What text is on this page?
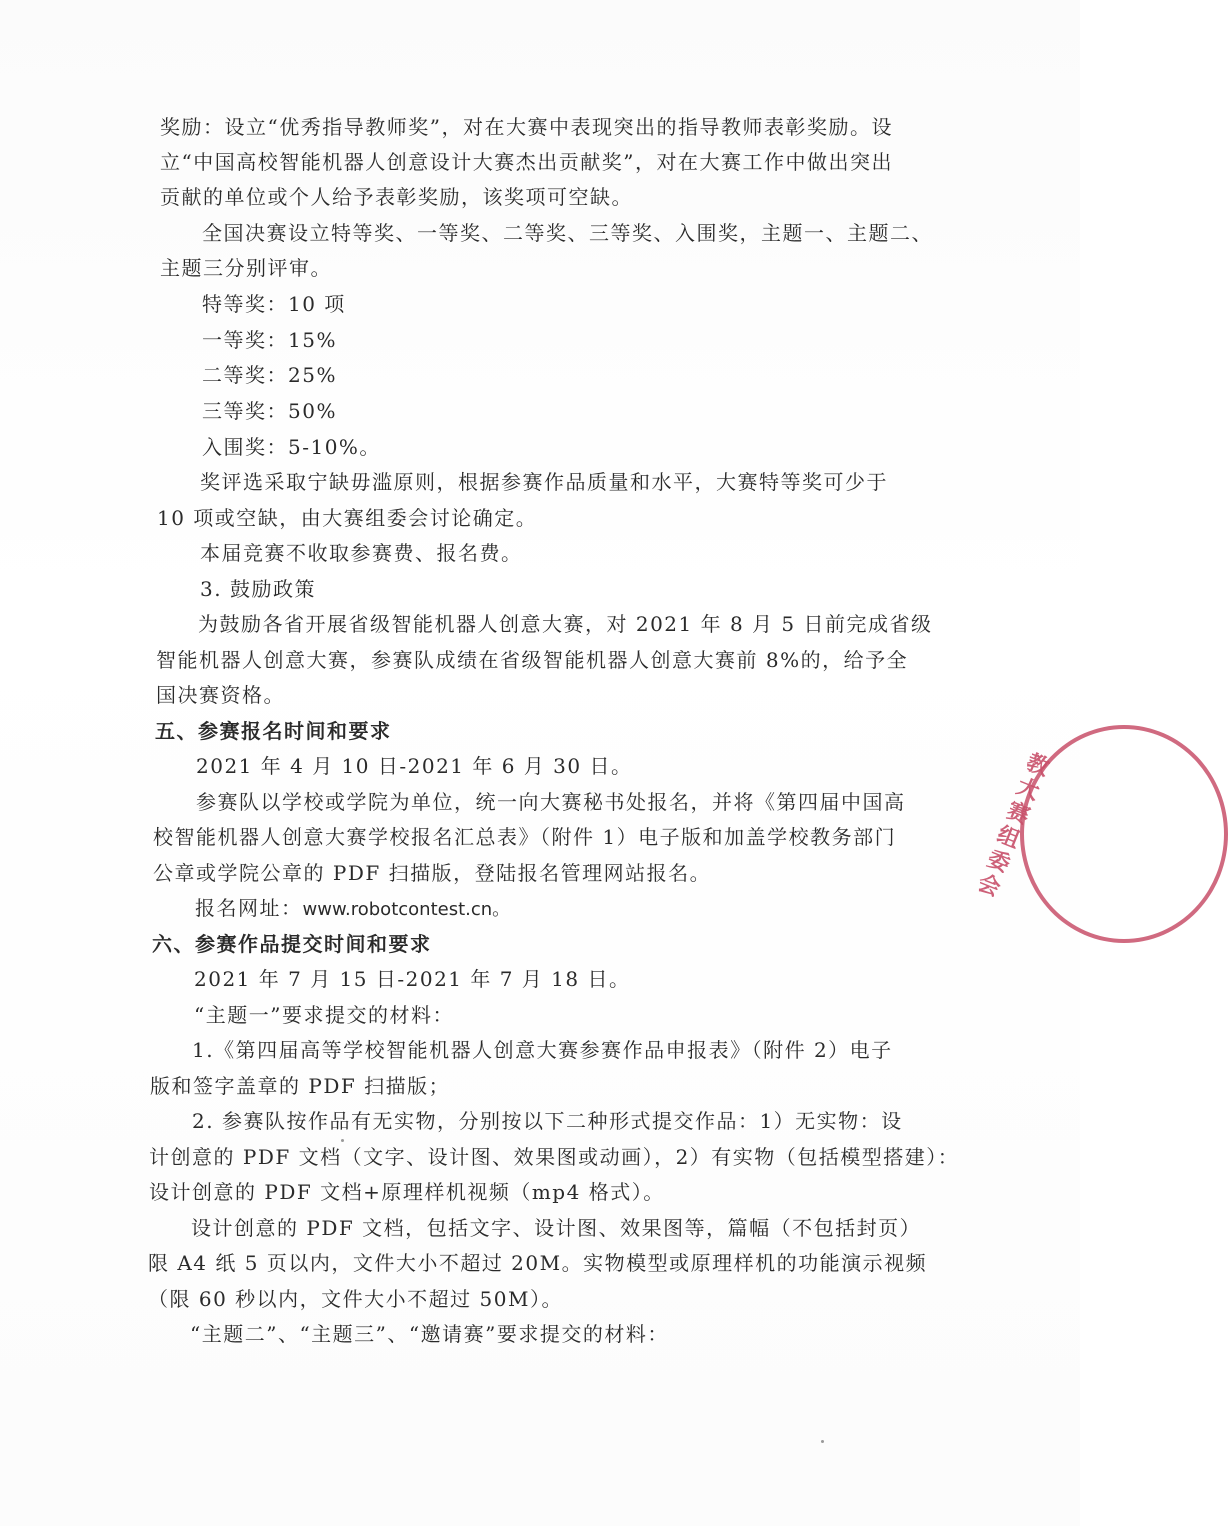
奖励：设立“优秀指导教师奖”，对在大赛中表现突出的指导教师表彰奖励。设
立“中国高校智能机器人创意设计大赛杰出贡献奖”，对在大赛工作中做出突出
贡献的单位或个人给予表彰奖励，该奖项可空缺。
全国决赛设立特等奖、一等奖、二等奖、三等奖、入围奖，主题一、主题二、
主题三分别评审。
特等奖：10 项
一等奖：15%
二等奖：25%
三等奖：50%
入围奖：5-10%。
奖评选采取宁缺毋滥原则，根据参赛作品质量和水平，大赛特等奖可少于
10 项或空缺，由大赛组委会讨论确定。
本届竞赛不收取参赛费、报名费。
3. 鼓励政策
为鼓励各省开展省级智能机器人创意大赛，对 2021 年 8 月 5 日前完成省级
智能机器人创意大赛，参赛队成绩在省级智能机器人创意大赛前 8%的，给予全
国决赛资格。
五、参赛报名时间和要求
2021 年 4 月 10 日-2021 年 6 月 30 日。
参赛队以学校或学院为单位，统一向大赛秘书处报名，并将《第四届中国高
校智能机器人创意大赛学校报名汇总表》（附件 1）电子版和加盖学校教务部门
公章或学院公章的 PDF 扫描版，登陆报名管理网站报名。
报名网址：www.robotcontest.cn。
六、参赛作品提交时间和要求
2021 年 7 月 15 日-2021 年 7 月 18 日。
“主题一”要求提交的材料：
1.《第四届高等学校智能机器人创意大赛参赛作品申报表》（附件 2）电子
版和签字盖章的 PDF 扫描版；
2. 参赛队按作品有无实物，分别按以下二种形式提交作品：1）无实物：设
计创意的 PDF 文档（文字、设计图、效果图或动画），2）有实物（包括模型搭建）：
设计创意的 PDF 文档+原理样机视频（mp4 格式）。
设计创意的 PDF 文档，包括文字、设计图、效果图等，篇幅（不包括封页）
限 A4 纸 5 页以内，文件大小不超过 20M。实物模型或原理样机的功能演示视频
（限 60 秒以内，文件大小不超过 50M）。
“主题二”、“主题三”、“邀请赛”要求提交的材料：
教大赛组委会
